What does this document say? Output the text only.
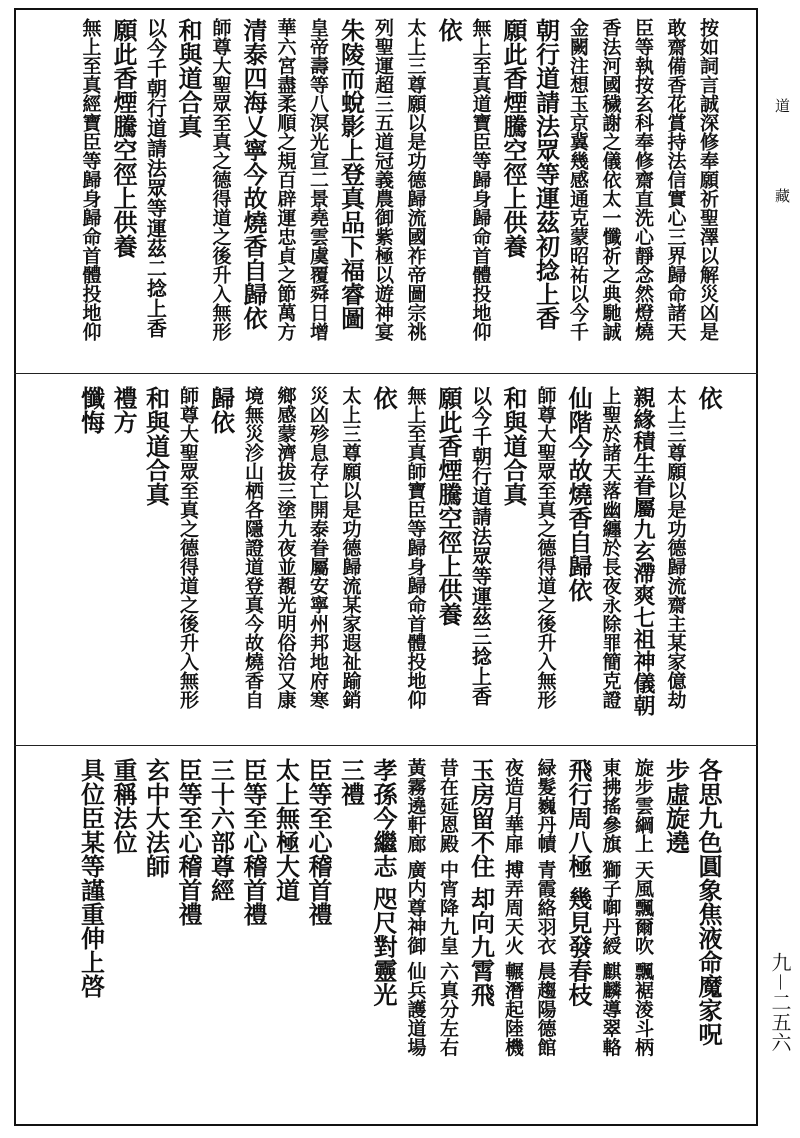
道
藏
九－二五六
按如詞言誠深修奉願祈聖澤以解災凶是
敢齋備香花賞持法信實心三界歸命諸天
臣等執按玄科奉修齋直洗心靜念然燈燒
香法河國穢謝之儀依太一懺祈之典馳誠
金闕注想玉京冀幾感通克蒙昭祐以今千
朝行道請法眾等運茲初捻上香
願此香煙騰空徑上供養
無上至真道寶臣等歸身歸命首體投地仰
依
太上三尊願以是功德歸流國祚帝圖宗祧
列聖運超三五道冠義農御紫極以遊神宴
朱陵而蛻影上登真品下福睿圖
皇帝壽等八溟光宣二景堯雲虞覆舜日增
華六宮盡柔順之規百辟運忠貞之節萬方
清泰四海乂寧今故燒香自歸依
師尊大聖眾至真之德得道之後升入無形
和與道合真
以今千朝行道請法眾等運茲二捻上香
願此香煙騰空徑上供養
無上至真經寶臣等歸身歸命首體投地仰
依
太上三尊願以是功德歸流齋主某家億劫
親緣積生眷屬九玄滯爽七祖神儀朝
上聖於諸天落幽纏於長夜永除罪簡克證
仙階今故燒香自歸依
師尊大聖眾至真之德得道之後升入無形
和與道合真
以今千朝行道請法眾等運茲三捻上香
願此香煙騰空徑上供養
無上至真師寶臣等歸身歸命首體投地仰
依
太上三尊願以是功德歸流某家遐祉踰銷
災凶殄息存亡開泰眷屬安寧州邦地府寒
鄉感蒙濟拔三塗九夜並覩光明俗洽又康
境無災沴山栖各隱證道登真今故燒香自
歸依
師尊大聖眾至真之德得道之後升入無形
和與道合真
禮方
懺悔
各思九色圓象焦液命魔家呪
步虛旋遶
旋步雲綱上 天風飄爾吹 飄裾淩斗柄
東拂搖參旗 獅子啣丹綬 麒麟導翠輅
飛行周八極 幾見發春枝
緑髮巍丹幘 青霞絡羽衣 晨趨陽德館
夜造月華扉 搏弄周天火 輾潛起陸機
玉房留不住 却向九霄飛
昔在延恩殿 中宵降九皇 六真分左右
黃霧遶軒廊 廣内尊神御 仙兵護道場
孝孫今繼志 咫尺對靈光
三禮
臣等至心稽首禮
太上無極大道
臣等至心稽首禮
三十六部尊經
臣等至心稽首禮
玄中大法師
重稱法位
具位臣某等謹重伸上啓
